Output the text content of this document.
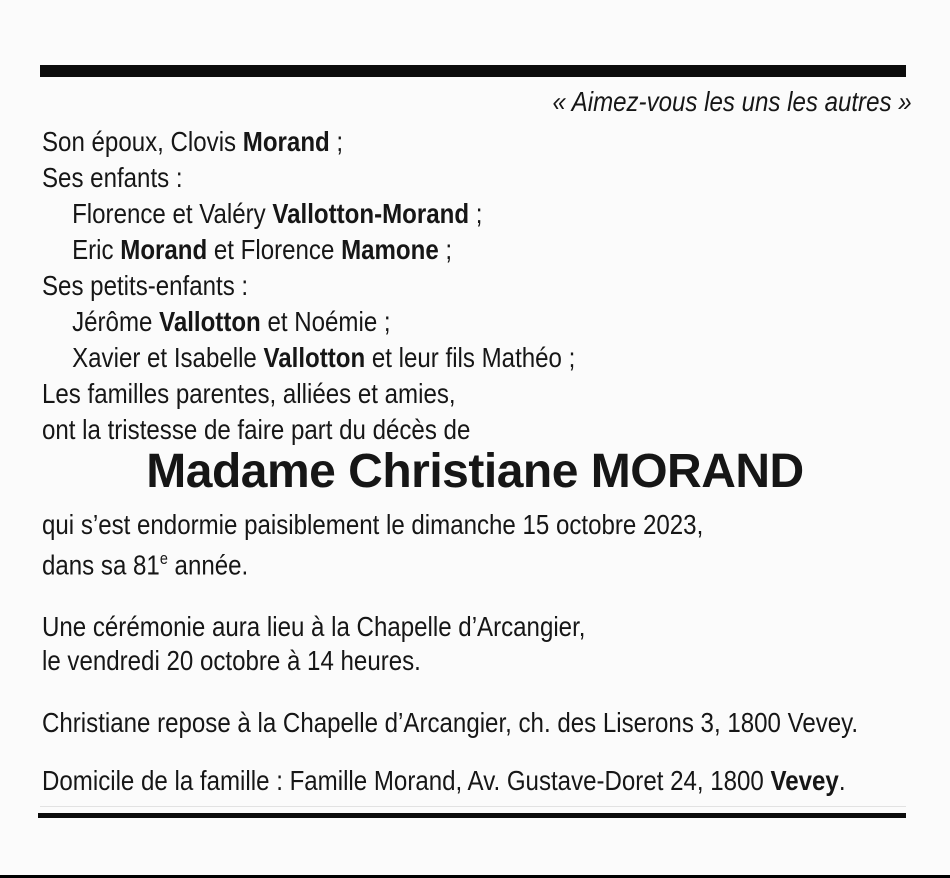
« Aimez-vous les uns les autres »
Son époux, Clovis Morand ;
Ses enfants :
Florence et Valéry Vallotton-Morand ;
Eric Morand et Florence Mamone ;
Ses petits-enfants :
Jérôme Vallotton et Noémie ;
Xavier et Isabelle Vallotton et leur fils Mathéo ;
Les familles parentes, alliées et amies,
ont la tristesse de faire part du décès de
Madame Christiane MORAND
qui s’est endormie paisiblement le dimanche 15 octobre 2023,
dans sa 81e année.
Une cérémonie aura lieu à la Chapelle d’Arcangier,
le vendredi 20 octobre à 14 heures.
Christiane repose à la Chapelle d’Arcangier, ch. des Liserons 3, 1800 Vevey.
Domicile de la famille : Famille Morand, Av. Gustave-Doret 24, 1800 Vevey.
